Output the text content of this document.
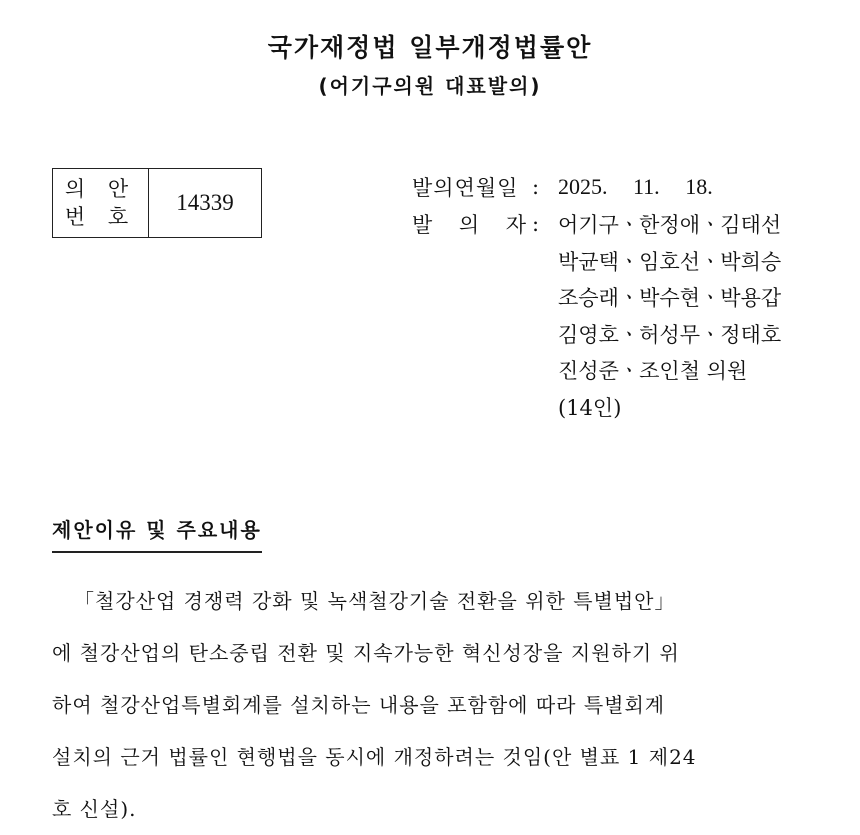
국가재정법 일부개정법률안
(어기구의원 대표발의)
의 안
번 호
14339
발의연월일 : 2025. 11. 18.
발 의 자 : 어기구ㆍ한정애ㆍ김태선
박균택ㆍ임호선ㆍ박희승
조승래ㆍ박수현ㆍ박용갑
김영호ㆍ허성무ㆍ정태호
진성준ㆍ조인철 의원
(14인)
제안이유 및 주요내용
「철강산업 경쟁력 강화 및 녹색철강기술 전환을 위한 특별법안」
에 철강산업의 탄소중립 전환 및 지속가능한 혁신성장을 지원하기 위
하여 철강산업특별회계를 설치하는 내용을 포함함에 따라 특별회계
설치의 근거 법률인 현행법을 동시에 개정하려는 것임(안 별표 1 제24
호 신설).
